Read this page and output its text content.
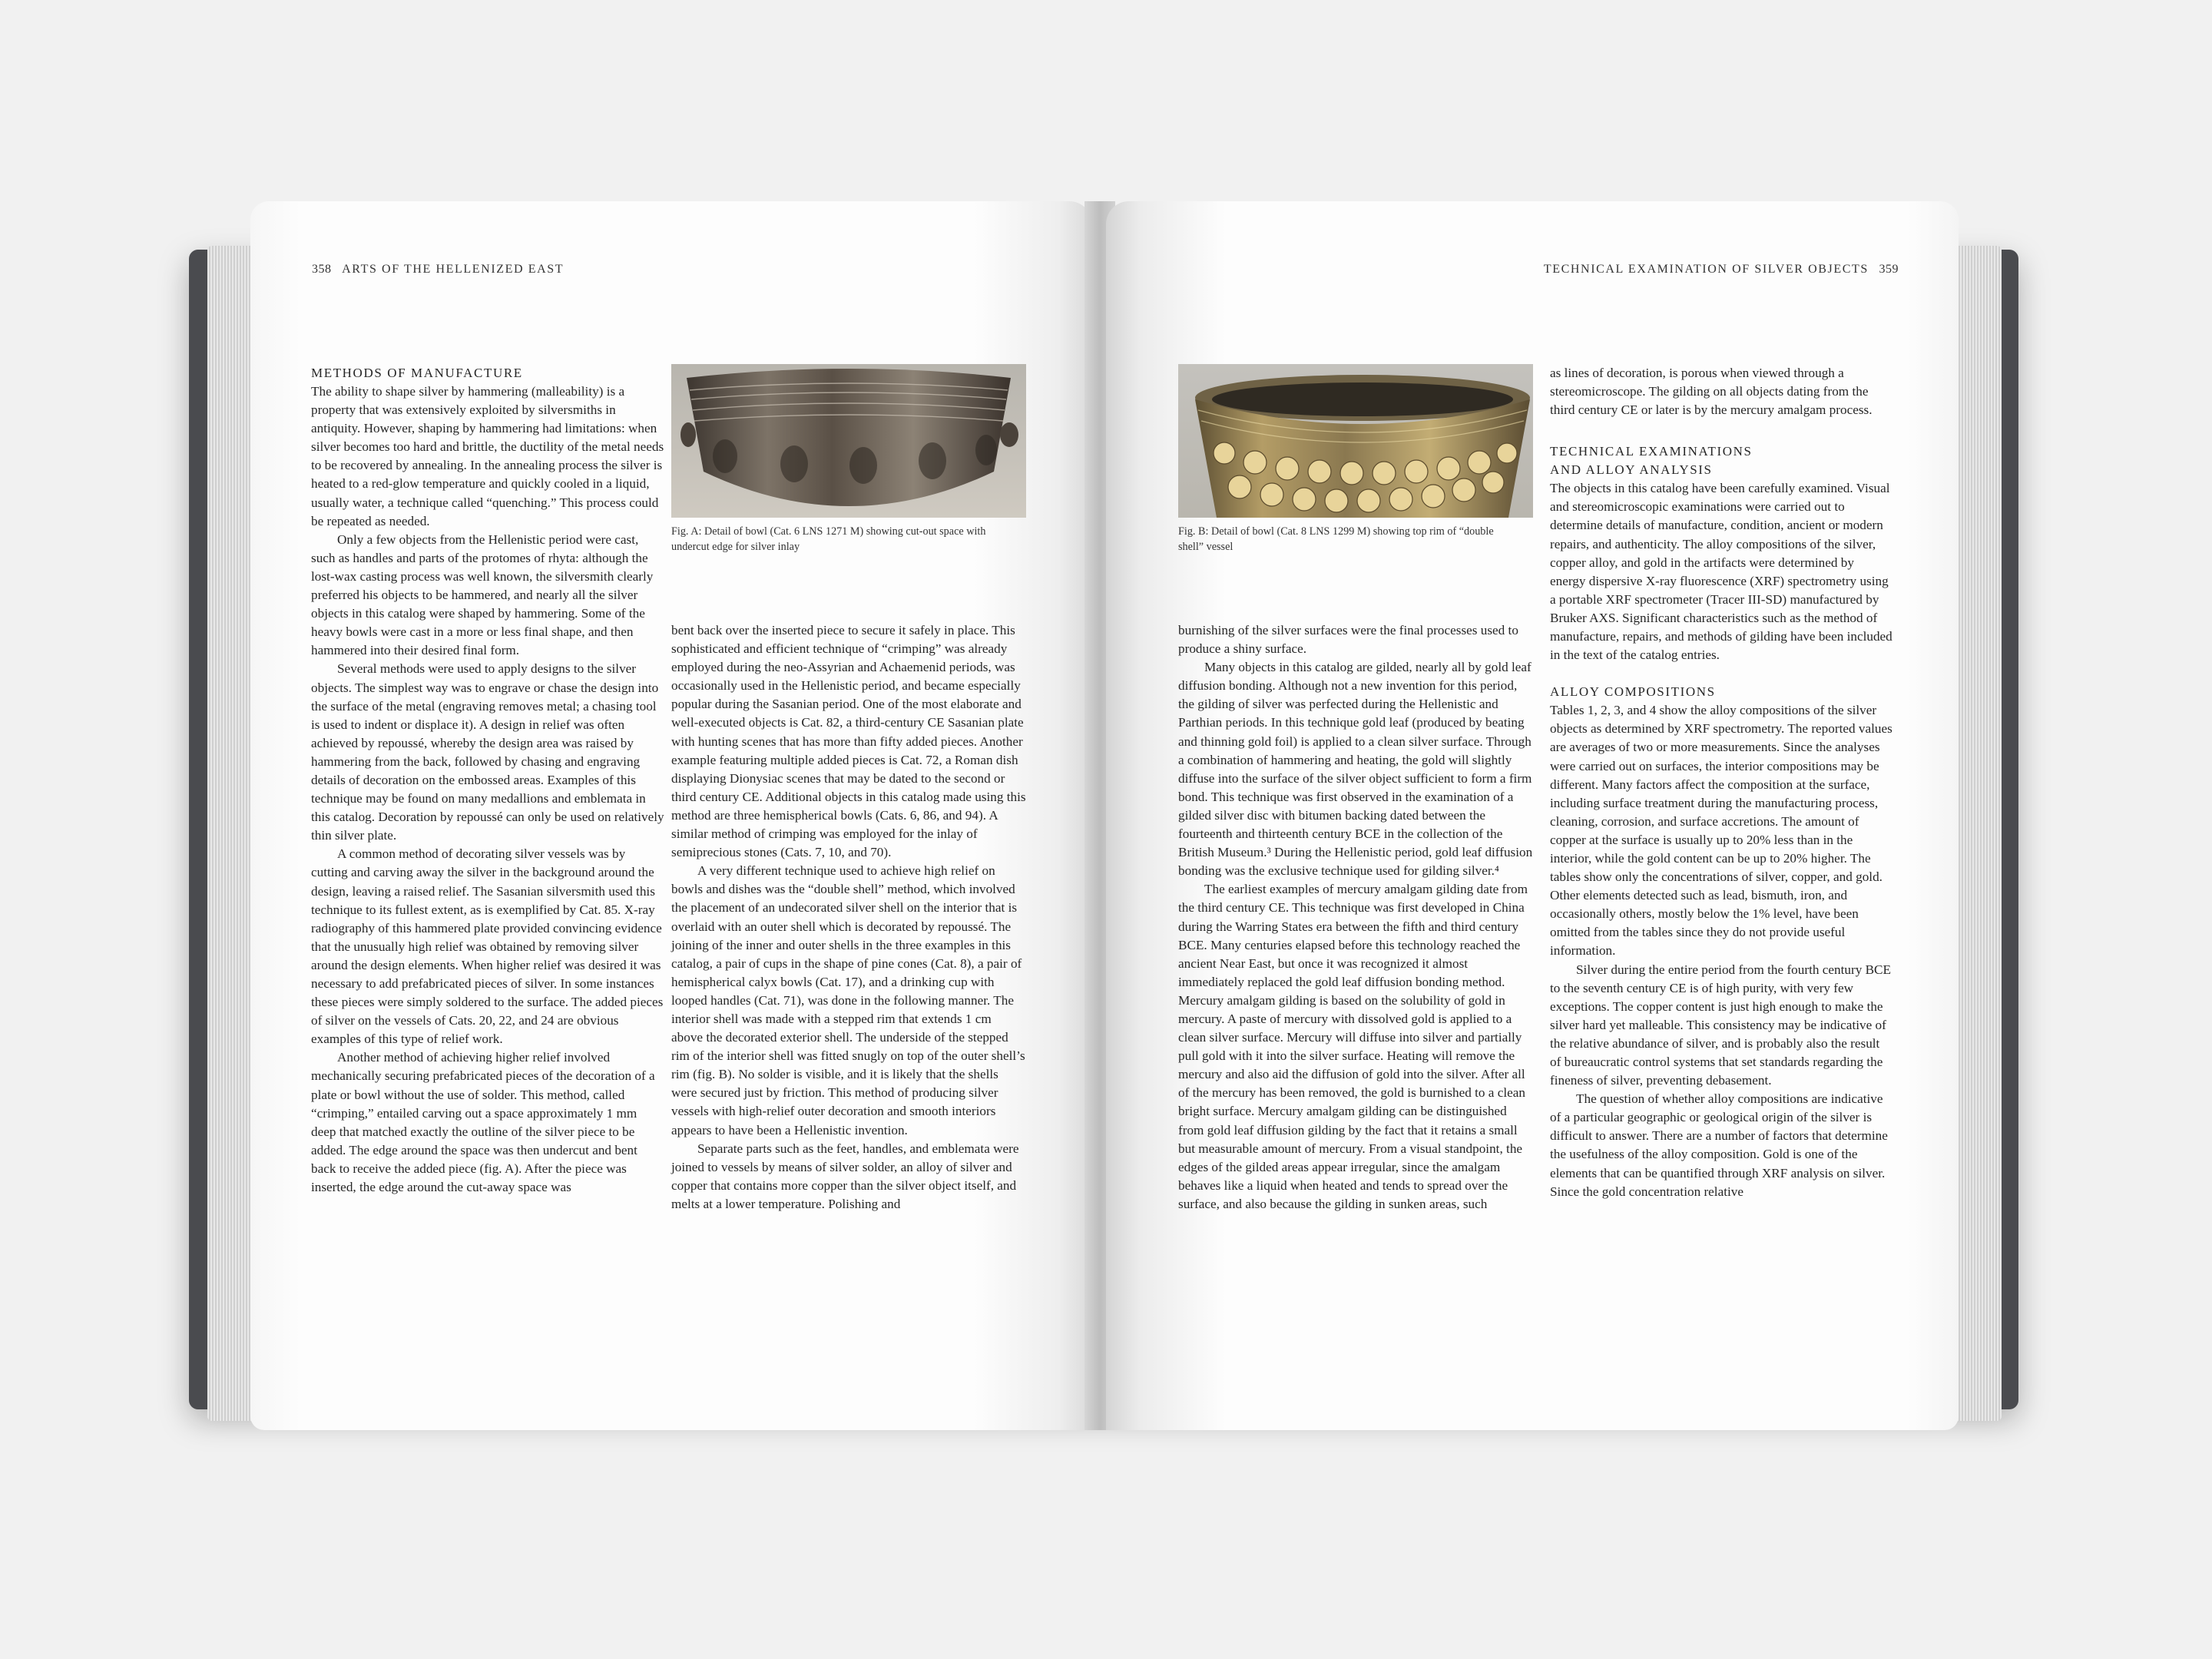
358 ARTS OF THE HELLENIZED EAST
METHODS OF MANUFACTURE

The ability to shape silver by hammering (malleability) is a property that was extensively exploited by silversmiths in antiquity. However, shaping by hammering had limitations: when silver becomes too hard and brittle, the ductility of the metal needs to be recovered by annealing. In the annealing process the silver is heated to a red-glow temperature and quickly cooled in a liquid, usually water, a technique called “quenching.” This process could be repeated as needed.

Only a few objects from the Hellenistic period were cast, such as handles and parts of the protomes of rhyta: although the lost-wax casting process was well known, the silversmith clearly preferred his objects to be hammered, and nearly all the silver objects in this catalog were shaped by hammering. Some of the heavy bowls were cast in a more or less final shape, and then hammered into their desired final form.

Several methods were used to apply designs to the silver objects. The simplest way was to engrave or chase the design into the surface of the metal (engraving removes metal; a chasing tool is used to indent or displace it). A design in relief was often achieved by repoussé, whereby the design area was raised by hammering from the back, followed by chasing and engraving details of decoration on the embossed areas. Examples of this technique may be found on many medallions and emblemata in this catalog. Decoration by repoussé can only be used on relatively thin silver plate.

A common method of decorating silver vessels was by cutting and carving away the silver in the background around the design, leaving a raised relief. The Sasanian silversmith used this technique to its fullest extent, as is exemplified by Cat. 85. X-ray radiography of this hammered plate provided convincing evidence that the unusually high relief was obtained by removing silver around the design elements. When higher relief was desired it was necessary to add prefabricated pieces of silver. In some instances these pieces were simply soldered to the surface. The added pieces of silver on the vessels of Cats. 20, 22, and 24 are obvious examples of this type of relief work.

Another method of achieving higher relief involved mechanically securing prefabricated pieces of the decoration of a plate or bowl without the use of solder. This method, called “crimping,” entailed carving out a space approximately 1 mm deep that matched exactly the outline of the silver piece to be added. The edge around the space was then undercut and bent back to receive the added piece (fig. A). After the piece was inserted, the edge around the cut-away space was

Fig. A: Detail of bowl (Cat. 6 LNS 1271 M) showing cut-out space with undercut edge for silver inlay

bent back over the inserted piece to secure it safely in place. This sophisticated and efficient technique of “crimping” was already employed during the neo-Assyrian and Achaemenid periods, was occasionally used in the Hellenistic period, and became especially popular during the Sasanian period. One of the most elaborate and well-executed objects is Cat. 82, a third-century CE Sasanian plate with hunting scenes that has more than fifty added pieces. Another example featuring multiple added pieces is Cat. 72, a Roman dish displaying Dionysiac scenes that may be dated to the second or third century CE. Additional objects in this catalog made using this method are three hemispherical bowls (Cats. 6, 86, and 94). A similar method of crimping was employed for the inlay of semiprecious stones (Cats. 7, 10, and 70).

A very different technique used to achieve high relief on bowls and dishes was the “double shell” method, which involved the placement of an undecorated silver shell on the interior that is overlaid with an outer shell which is decorated by repoussé. The joining of the inner and outer shells in the three examples in this catalog, a pair of cups in the shape of pine cones (Cat. 8), a pair of hemispherical calyx bowls (Cat. 17), and a drinking cup with looped handles (Cat. 71), was done in the following manner. The interior shell was made with a stepped rim that extends 1 cm above the decorated exterior shell. The underside of the stepped rim of the interior shell was fitted snugly on top of the outer shell’s rim (fig. B). No solder is visible, and it is likely that the shells were secured just by friction. This method of producing silver vessels with high-relief outer decoration and smooth interiors appears to have been a Hellenistic invention.

Separate parts such as the feet, handles, and emblemata were joined to vessels by means of silver solder, an alloy of silver and copper that contains more copper than the silver object itself, and melts at a lower temperature. Polishing and

TECHNICAL EXAMINATION OF SILVER OBJECTS 359
Fig. B: Detail of bowl (Cat. 8 LNS 1299 M) showing top rim of “double shell” vessel

burnishing of the silver surfaces were the final processes used to produce a shiny surface.

Many objects in this catalog are gilded, nearly all by gold leaf diffusion bonding. Although not a new invention for this period, the gilding of silver was perfected during the Hellenistic and Parthian periods. In this technique gold leaf (produced by beating and thinning gold foil) is applied to a clean silver surface. Through a combination of hammering and heating, the gold will slightly diffuse into the surface of the silver object sufficient to form a firm bond. This technique was first observed in the examination of a gilded silver disc with bitumen backing dated between the fourteenth and thirteenth century BCE in the collection of the British Museum.³ During the Hellenistic period, gold leaf diffusion bonding was the exclusive technique used for gilding silver.⁴

The earliest examples of mercury amalgam gilding date from the third century CE. This technique was first developed in China during the Warring States era between the fifth and third century BCE. Many centuries elapsed before this technology reached the ancient Near East, but once it was recognized it almost immediately replaced the gold leaf diffusion bonding method. Mercury amalgam gilding is based on the solubility of gold in mercury. A paste of mercury with dissolved gold is applied to a clean silver surface. Mercury will diffuse into silver and partially pull gold with it into the silver surface. Heating will remove the mercury and also aid the diffusion of gold into the silver. After all of the mercury has been removed, the gold is burnished to a clean bright surface. Mercury amalgam gilding can be distinguished from gold leaf diffusion gilding by the fact that it retains a small but measurable amount of mercury. From a visual standpoint, the edges of the gilded areas appear irregular, since the amalgam behaves like a liquid when heated and tends to spread over the surface, and also because the gilding in sunken areas, such

as lines of decoration, is porous when viewed through a stereomicroscope. The gilding on all objects dating from the third century CE or later is by the mercury amalgam process.

TECHNICAL EXAMINATIONS
AND ALLOY ANALYSIS

The objects in this catalog have been carefully examined. Visual and stereomicroscopic examinations were carried out to determine details of manufacture, condition, ancient or modern repairs, and authenticity. The alloy compositions of the silver, copper alloy, and gold in the artifacts were determined by energy dispersive X-ray fluorescence (XRF) spectrometry using a portable XRF spectrometer (Tracer III-SD) manufactured by Bruker AXS. Significant characteristics such as the method of manufacture, repairs, and methods of gilding have been included in the text of the catalog entries.

ALLOY COMPOSITIONS

Tables 1, 2, 3, and 4 show the alloy compositions of the silver objects as determined by XRF spectrometry. The reported values are averages of two or more measurements. Since the analyses were carried out on surfaces, the interior compositions may be different. Many factors affect the composition at the surface, including surface treatment during the manufacturing process, cleaning, corrosion, and surface accretions. The amount of copper at the surface is usually up to 20% less than in the interior, while the gold content can be up to 20% higher. The tables show only the concentrations of silver, copper, and gold. Other elements detected such as lead, bismuth, iron, and occasionally others, mostly below the 1% level, have been omitted from the tables since they do not provide useful information.

Silver during the entire period from the fourth century BCE to the seventh century CE is of high purity, with very few exceptions. The copper content is just high enough to make the silver hard yet malleable. This consistency may be indicative of the relative abundance of silver, and is probably also the result of bureaucratic control systems that set standards regarding the fineness of silver, preventing debasement.

The question of whether alloy compositions are indicative of a particular geographic or geological origin of the silver is difficult to answer. There are a number of factors that determine the usefulness of the alloy composition. Gold is one of the elements that can be quantified through XRF analysis on silver. Since the gold concentration relative
